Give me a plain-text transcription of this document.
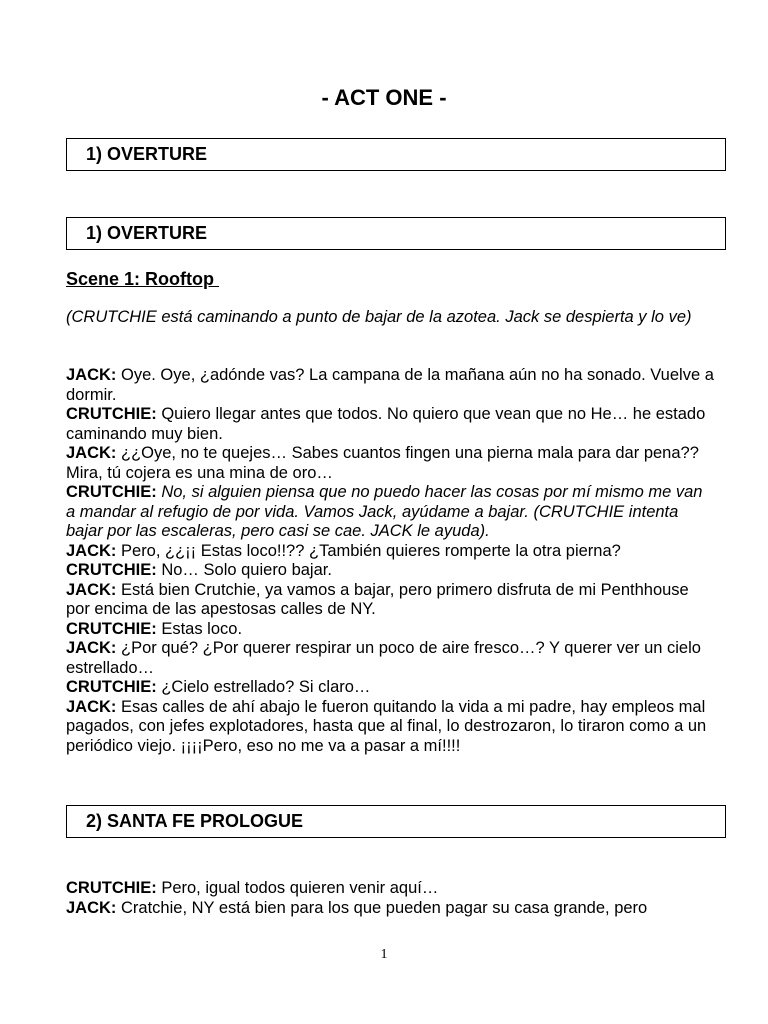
- ACT ONE -
1) OVERTURE
1) OVERTURE
Scene 1: Rooftop

(CRUTCHIE está caminando a punto de bajar de la azotea. Jack se despierta y lo ve)

JACK: Oye. Oye, ¿adónde vas? La campana de la mañana aún no ha sonado. Vuelve a dormir.

CRUTCHIE: Quiero llegar antes que todos. No quiero que vean que no He… he estado caminando muy bien.

JACK: ¿¿Oye, no te quejes… Sabes cuantos fingen una pierna mala para dar pena?? Mira, tú cojera es una mina de oro…

CRUTCHIE: No, si alguien piensa que no puedo hacer las cosas por mí mismo me van a mandar al refugio de por vida. Vamos Jack, ayúdame a bajar. (CRUTCHIE intenta bajar por las escaleras, pero casi se cae. JACK le ayuda).

JACK: Pero, ¿¿¡¡ Estas loco!!?? ¿También quieres romperte la otra pierna?

CRUTCHIE: No… Solo quiero bajar.

JACK: Está bien Crutchie, ya vamos a bajar, pero primero disfruta de mi Penthhouse por encima de las apestosas calles de NY.

CRUTCHIE: Estas loco.

JACK: ¿Por qué? ¿Por querer respirar un poco de aire fresco…? Y querer ver un cielo estrellado…

CRUTCHIE: ¿Cielo estrellado? Si claro…

JACK: Esas calles de ahí abajo le fueron quitando la vida a mi padre, hay empleos mal pagados, con jefes explotadores, hasta que al final, lo destrozaron, lo tiraron como a un periódico viejo. ¡¡¡¡Pero, eso no me va a pasar a mí!!!!

2) SANTA FE PROLOGUE

CRUTCHIE: Pero, igual todos quieren venir aquí…

JACK: Cratchie, NY está bien para los que pueden pagar su casa grande, pero

1
